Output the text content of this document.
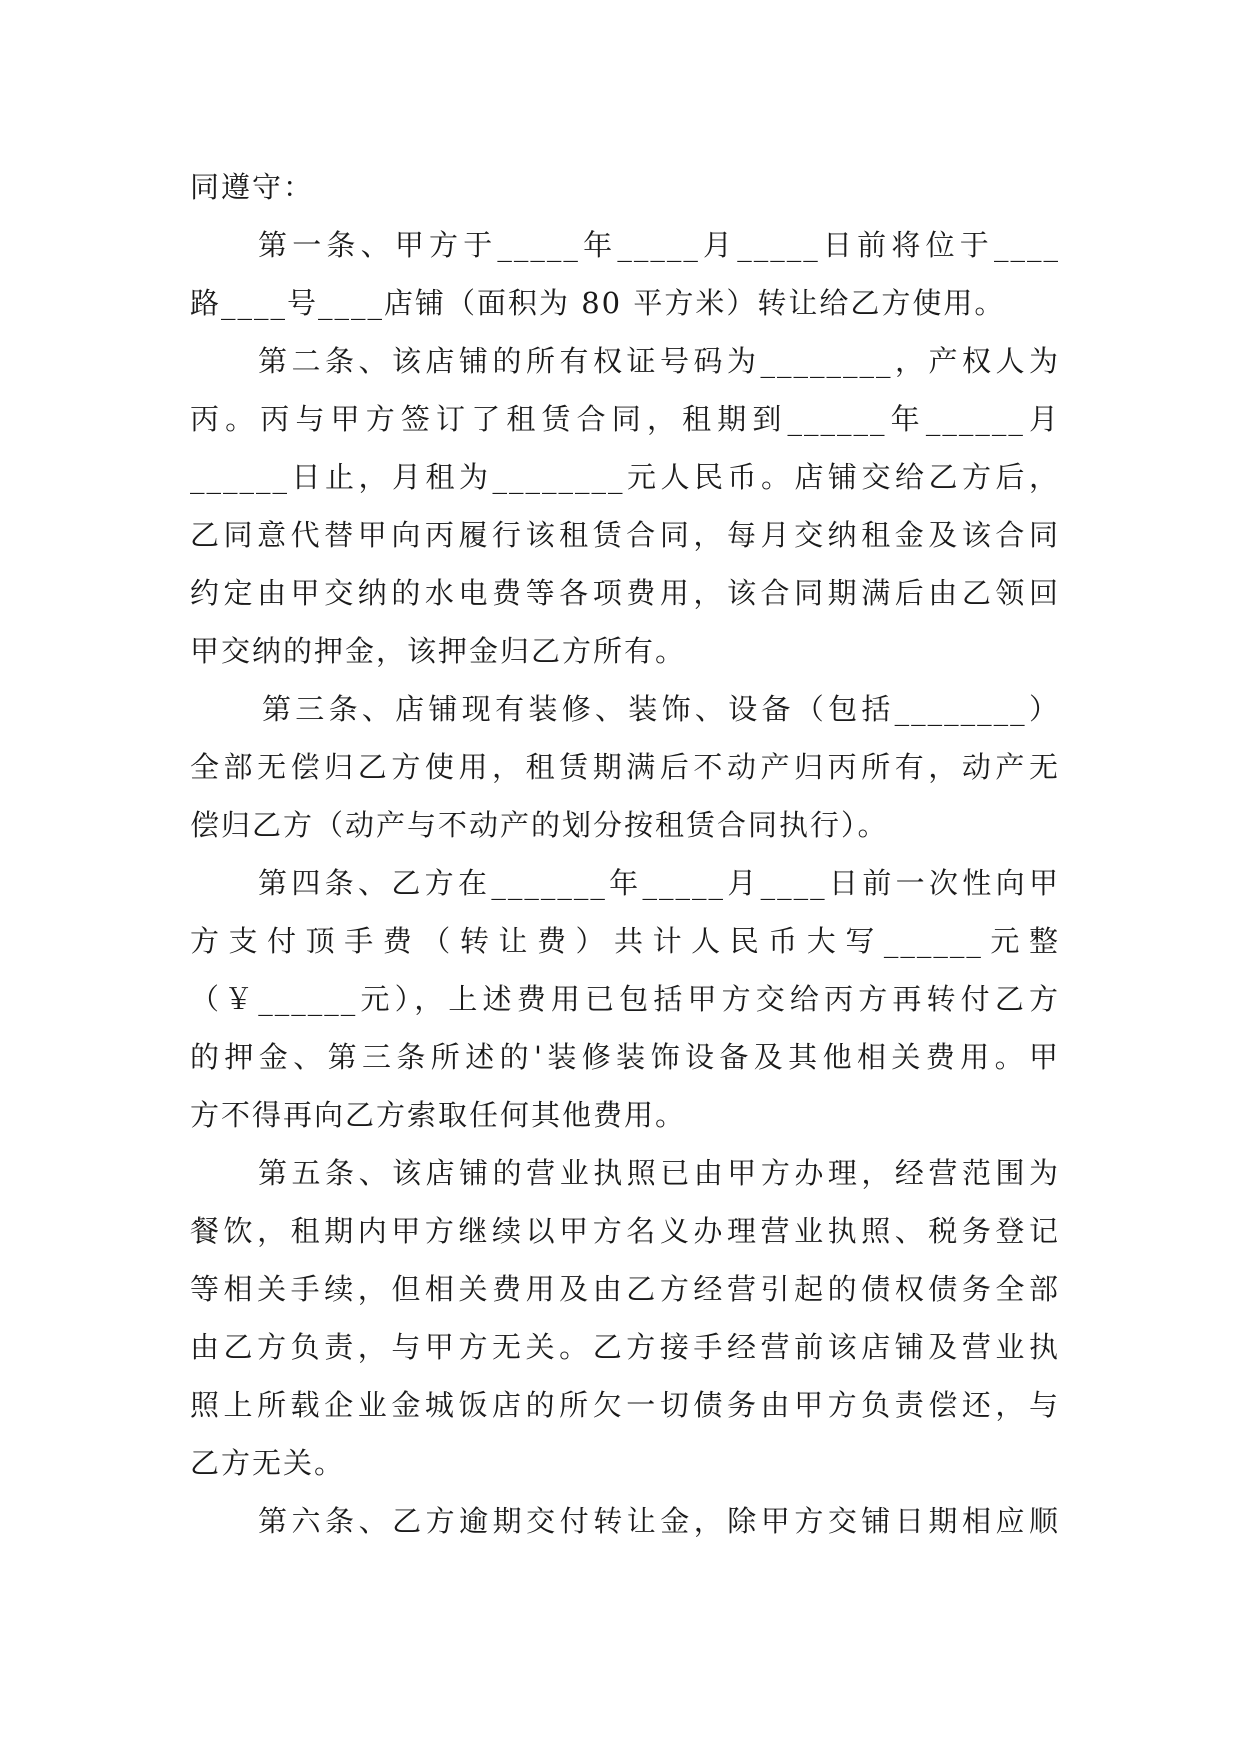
同遵守：
第一条、甲方于_____年_____月_____日前将位于____
路____号____店铺（面积为 80 平方米）转让给乙方使用。
第二条、该店铺的所有权证号码为________，产权人为
丙。丙与甲方签订了租赁合同，租期到______年______月
______日止，月租为________元人民币。店铺交给乙方后，
乙同意代替甲向丙履行该租赁合同，每月交纳租金及该合同
约定由甲交纳的水电费等各项费用，该合同期满后由乙领回
甲交纳的押金，该押金归乙方所有。
第三条、店铺现有装修、装饰、设备（包括________）
全部无偿归乙方使用，租赁期满后不动产归丙所有，动产无
偿归乙方（动产与不动产的划分按租赁合同执行）。
第四条、乙方在_______年_____月____日前一次性向甲
方支付顶手费（转让费）共计人民币大写______元整
（￥______元），上述费用已包括甲方交给丙方再转付乙方
的押金、第三条所述的'装修装饰设备及其他相关费用。甲
方不得再向乙方索取任何其他费用。
第五条、该店铺的营业执照已由甲方办理，经营范围为
餐饮，租期内甲方继续以甲方名义办理营业执照、税务登记
等相关手续，但相关费用及由乙方经营引起的债权债务全部
由乙方负责，与甲方无关。乙方接手经营前该店铺及营业执
照上所载企业金城饭店的所欠一切债务由甲方负责偿还，与
乙方无关。
第六条、乙方逾期交付转让金，除甲方交铺日期相应顺
